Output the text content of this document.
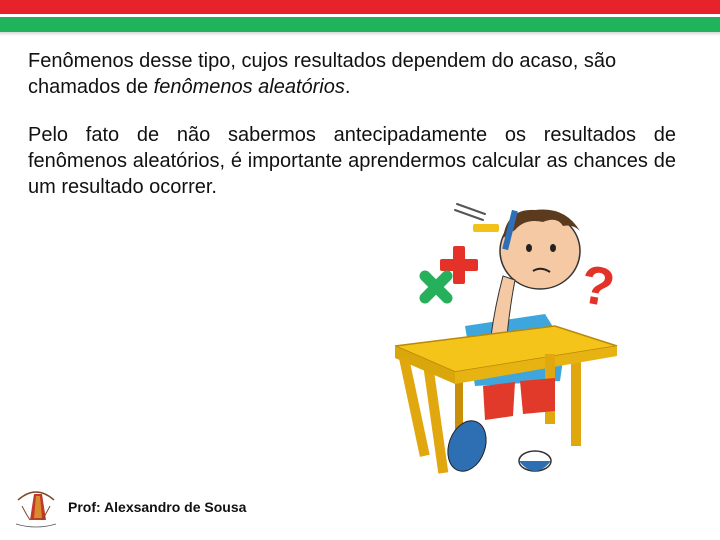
Fenômenos desse tipo, cujos resultados dependem do acaso, são chamados de fenômenos aleatórios.

Pelo fato de não sabermos antecipadamente os resultados de fenômenos aleatórios, é importante aprendermos calcular as chances de um resultado ocorrer.

?
Prof: Alexsandro de Sousa
